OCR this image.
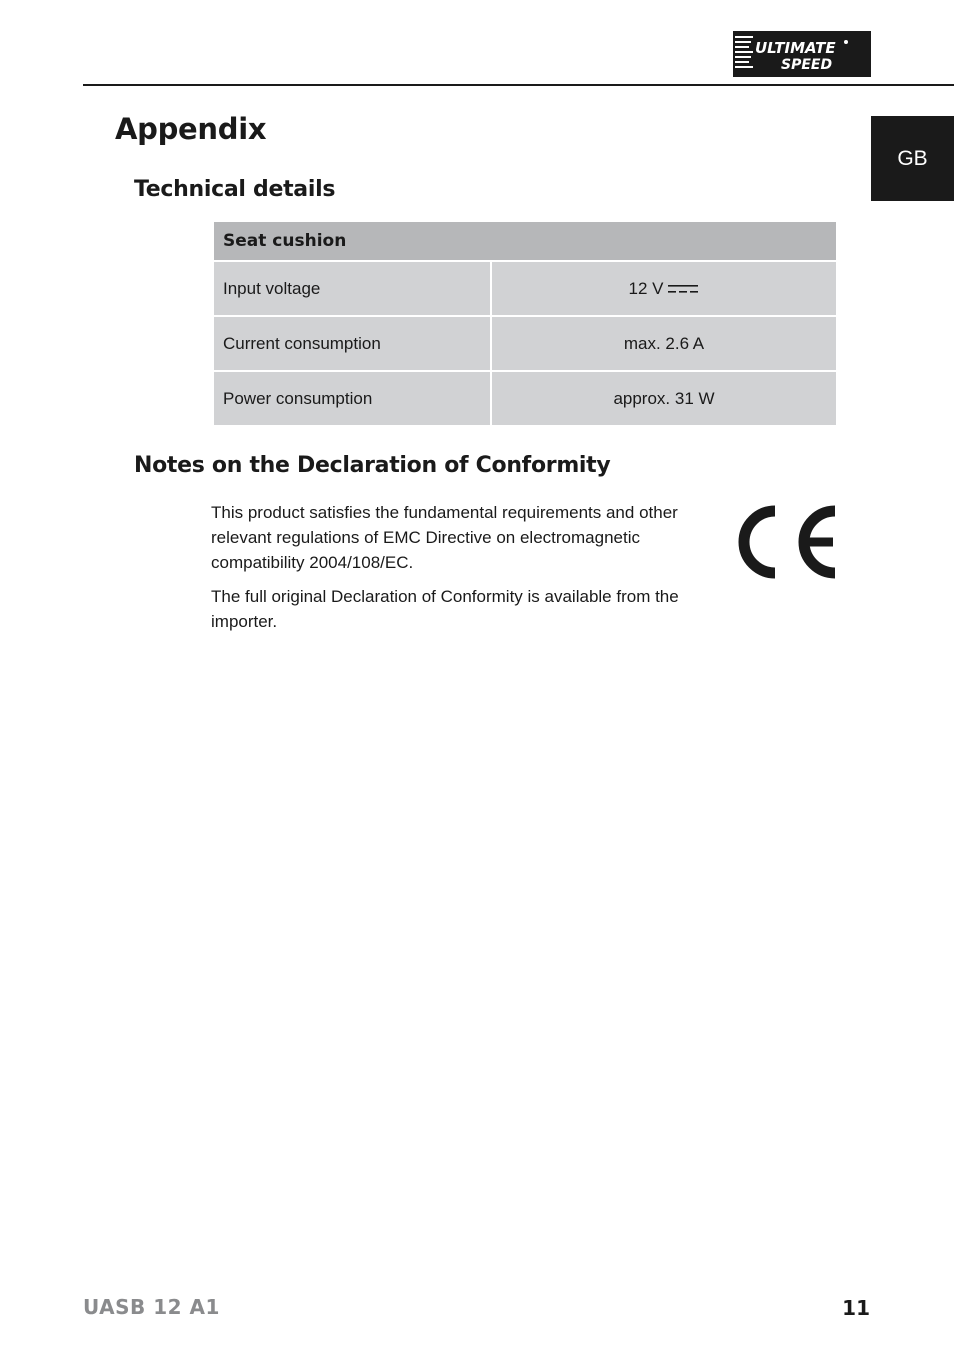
ULTIMATE
SPEED
GB
Appendix
Technical details
Seat cushion	
Input voltage	12 V
Current consumption	max. 2.6 A
Power consumption	approx. 31 W
Notes on the Declaration of Conformity

This product satisfies the fundamental requirements and other relevant regulations of EMC Directive on electromagnetic compatibility 2004/108/EC.

The full original Declaration of Conformity is available from the importer.

UASB 12 A1	11
